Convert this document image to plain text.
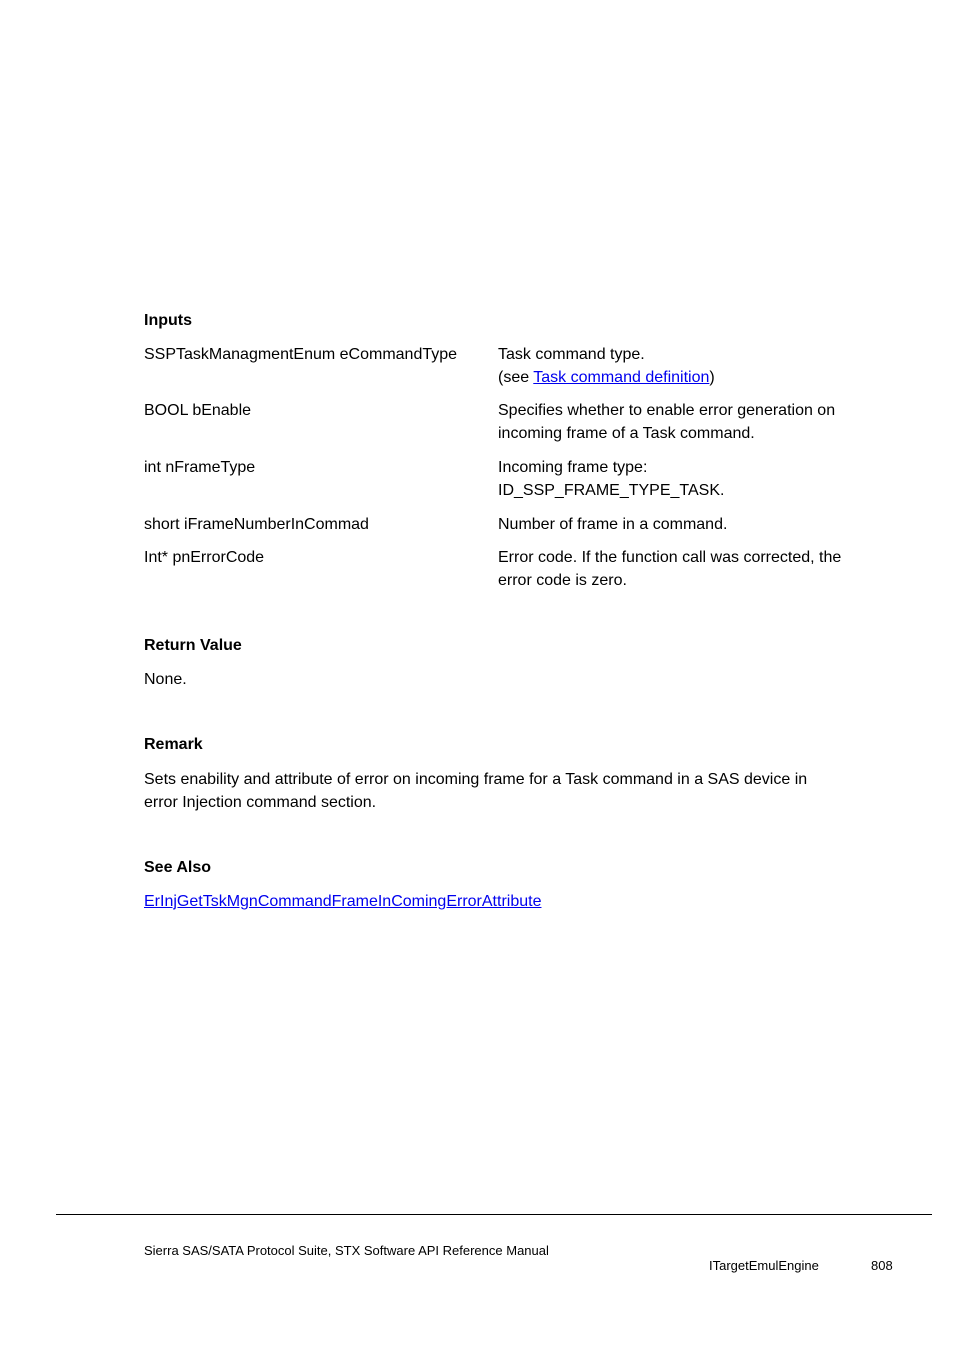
Inputs
SSPTaskManagmentEnum eCommandType	Task command type.
(see Task command definition)
BOOL bEnable	Specifies whether to enable error generation on
incoming frame of a Task command.
int nFrameType	Incoming frame type:
ID_SSP_FRAME_TYPE_TASK.
short iFrameNumberInCommad	Number of frame in a command.
Int* pnErrorCode	Error code. If the function call was corrected, the
error code is zero.
Return Value
None.
Remark
Sets enability and attribute of error on incoming frame for a Task command in a SAS device in
error Injection command section.
See Also
ErInjGetTskMgnCommandFrameInComingErrorAttribute
Sierra SAS/SATA Protocol Suite, STX Software API Reference Manual
ITargetEmulEngine	808
